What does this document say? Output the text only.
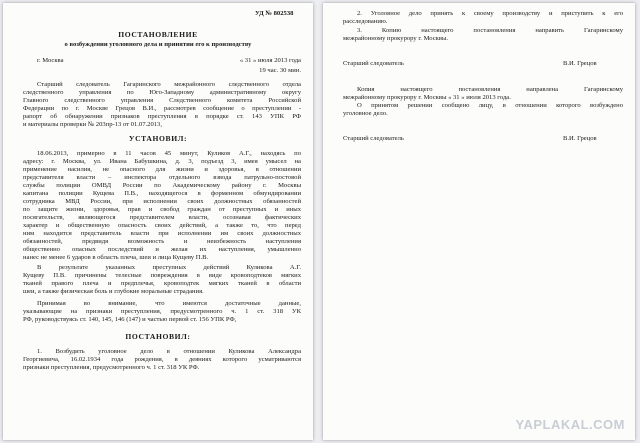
УД № 802538
ПОСТАНОВЛЕНИЕ
о возбуждении уголовного дела и принятии его к производству
г. Москва	« 31 » июля 2013 года
19 час. 30 мин.
Старший следователь Гагаринского межрайонного следственного отдела
следственного управления по Юго-Западному административному округу
Главного следственного управления Следственного комитета Российской
Федерации по г. Москве Грецов В.И., рассмотрев сообщение о преступлении -
рапорт об обнаружении признаков преступления в порядке ст. 143 УПК РФ
и материалы проверки № 203пр-13 от 01.07.2013,
УСТАНОВИЛ:
18.06.2013, примерно в 11 часов 45 минут, Куликов А.Г., находясь по
адресу: г. Москва, ул. Ивана Бабушкина, д. 3, подъезд 3, имея умысел на
применение насилия, не опасного для жизни и здоровья, в отношении
представителя власти – инспектора отдельного взвода патрульно-постовой
службы полиции ОМВД России по Академическому району г. Москвы
капитана полиции Кущева П.В., находящегося в форменном обмундировании
сотрудника МВД России, при исполнении своих должностных обязанностей
по защите жизни, здоровья, прав и свобод граждан от преступных и иных
посягательств, являющегося представителем власти, осознавая фактических
характер и общественную опасность своих действий, а также то, что перед
ним находится представитель власти при исполнении им своих должностных
обязанностей, предвидя возможность и неизбежность наступления
общественно опасных последствий и желая их наступления, умышленно
нанес не менее 6 ударов в область плеча, шеи и лица Кущеву П.В.
В результате указанных преступных действий Куликова А.Г.
Кущеву П.В. причинены телесные повреждения в виде кровоподтеков мягких
тканей правого плеча и предплечья, кровоподтек мягких тканей в области
шеи, а также физическая боль и глубокие моральные страдания.
Принимая во внимание, что имеются достаточные данные,
указывающие на признаки преступления, предусмотренного ч. 1 ст. 318 УК
РФ, руководствуясь ст. 140, 145, 146 (147) и частью первой ст. 156 УПК РФ,
ПОСТАНОВИЛ:
1. Возбудить уголовное дело в отношении Куликова Александра
Георгиевича, 16.02.1934 года рождения, в деяниях которого усматриваются
признаки преступления, предусмотренного ч. 1 ст. 318 УК РФ.
2. Уголовное дело принять к своему производству и приступить к его
расследованию.
3. Копию настоящего постановления направить Гагаринскому
межрайонному прокурору г. Москвы.
Старший следователь	В.И. Грецов
Копия настоящего постановления направлена Гагаринскому
межрайонному прокурору г. Москвы « 31 » июля 2013 года.
О принятом решении сообщено лицу, в отношении которого возбуждено
уголовное дело.
Старший следователь	В.И. Грецов
YAPLAKAL.COM
